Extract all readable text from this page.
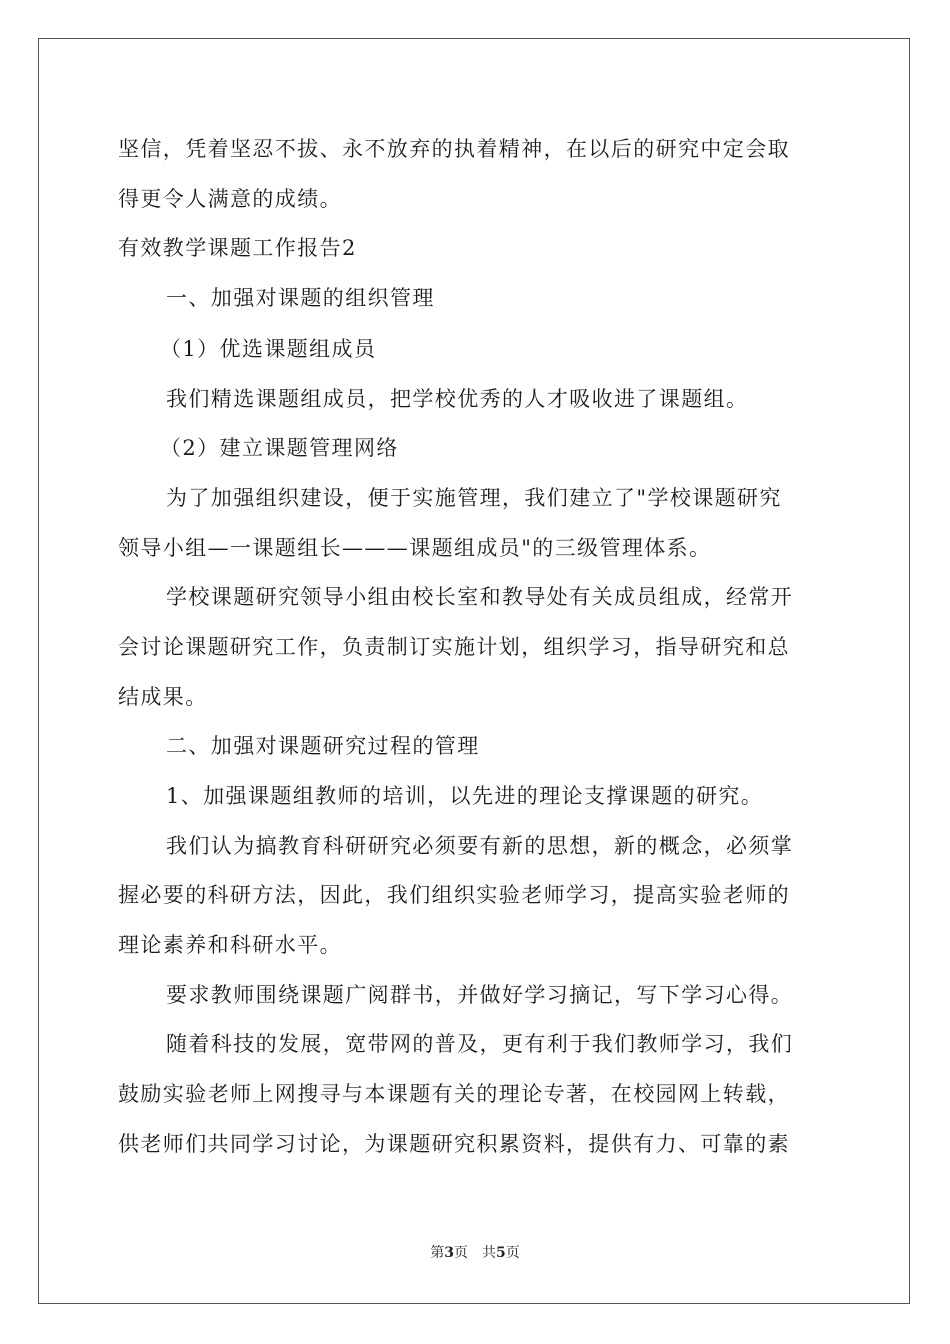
坚信，凭着坚忍不拔、永不放弃的执着精神，在以后的研究中定会取
得更令人满意的成绩。
有效教学课题工作报告2
一、加强对课题的组织管理
（1）优选课题组成员
我们精选课题组成员，把学校优秀的人才吸收进了课题组。
（2）建立课题管理网络
为了加强组织建设，便于实施管理，我们建立了"学校课题研究
领导小组—一课题组长———课题组成员"的三级管理体系。
学校课题研究领导小组由校长室和教导处有关成员组成，经常开
会讨论课题研究工作，负责制订实施计划，组织学习，指导研究和总
结成果。
二、加强对课题研究过程的管理
1、加强课题组教师的培训，以先进的理论支撑课题的研究。
我们认为搞教育科研研究必须要有新的思想，新的概念，必须掌
握必要的科研方法，因此，我们组织实验老师学习，提高实验老师的
理论素养和科研水平。
要求教师围绕课题广阅群书，并做好学习摘记，写下学习心得。
随着科技的发展，宽带网的普及，更有利于我们教师学习，我们
鼓励实验老师上网搜寻与本课题有关的理论专著，在校园网上转载，
供老师们共同学习讨论，为课题研究积累资料，提供有力、可靠的素
第3页　共5页
